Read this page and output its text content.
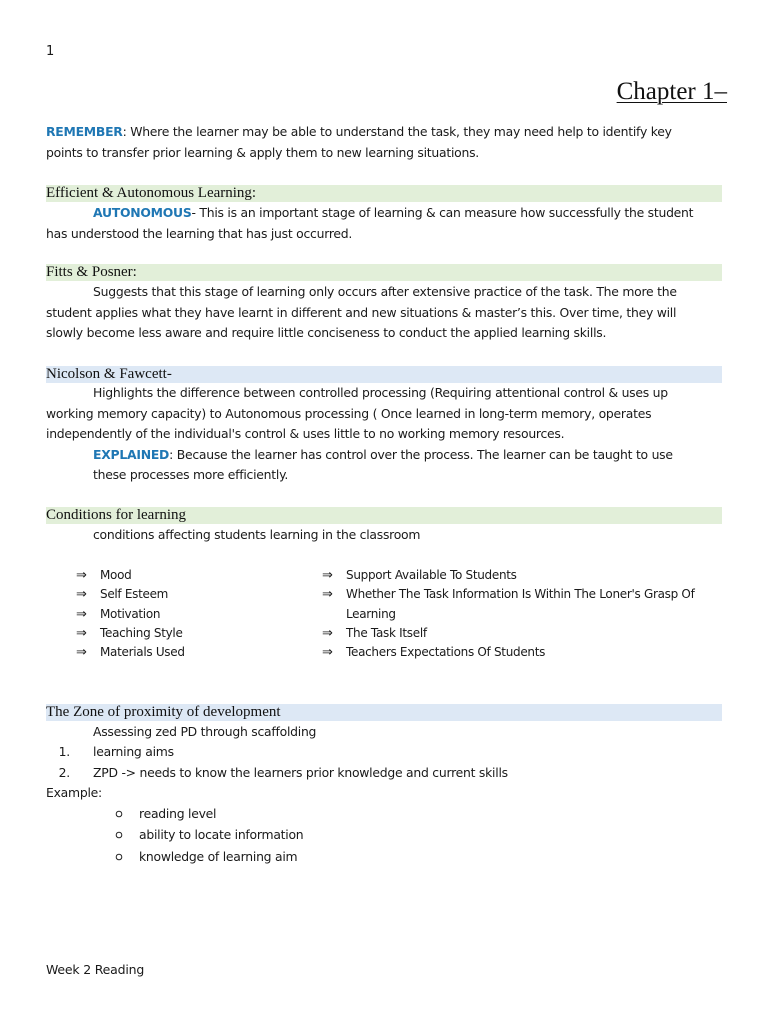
1
Chapter 1–
REMEMBER: Where the learner may be able to understand the task, they may need help to identify key
points to transfer prior learning & apply them to new learning situations.
Efficient & Autonomous Learning:
AUTONOMOUS- This is an important stage of learning & can measure how successfully the student
has understood the learning that has just occurred.
Fitts & Posner:
Suggests that this stage of learning only occurs after extensive practice of the task. The more the
student applies what they have learnt in different and new situations & master’s this. Over time, they will
slowly become less aware and require little conciseness to conduct the applied learning skills.
Nicolson & Fawcett-
Highlights the difference between controlled processing (Requiring attentional control & uses up
working memory capacity) to Autonomous processing ( Once learned in long-term memory, operates
independently of the individual's control & uses little to no working memory resources.
EXPLAINED: Because the learner has control over the process. The learner can be taught to use
these processes more efficiently.
Conditions for learning
conditions affecting students learning in the classroom
⇒ Mood
⇒ Self Esteem
⇒ Motivation
⇒ Teaching Style
⇒ Materials Used
⇒ Support Available To Students
⇒ Whether The Task Information Is Within The Loner's Grasp Of
Learning
⇒ The Task Itself
⇒ Teachers Expectations Of Students
The Zone of proximity of development
Assessing zed PD through scaffolding
1. learning aims
2. ZPD -> needs to know the learners prior knowledge and current skills
Example:
reading level
ability to locate information
knowledge of learning aim
Week 2 Reading
